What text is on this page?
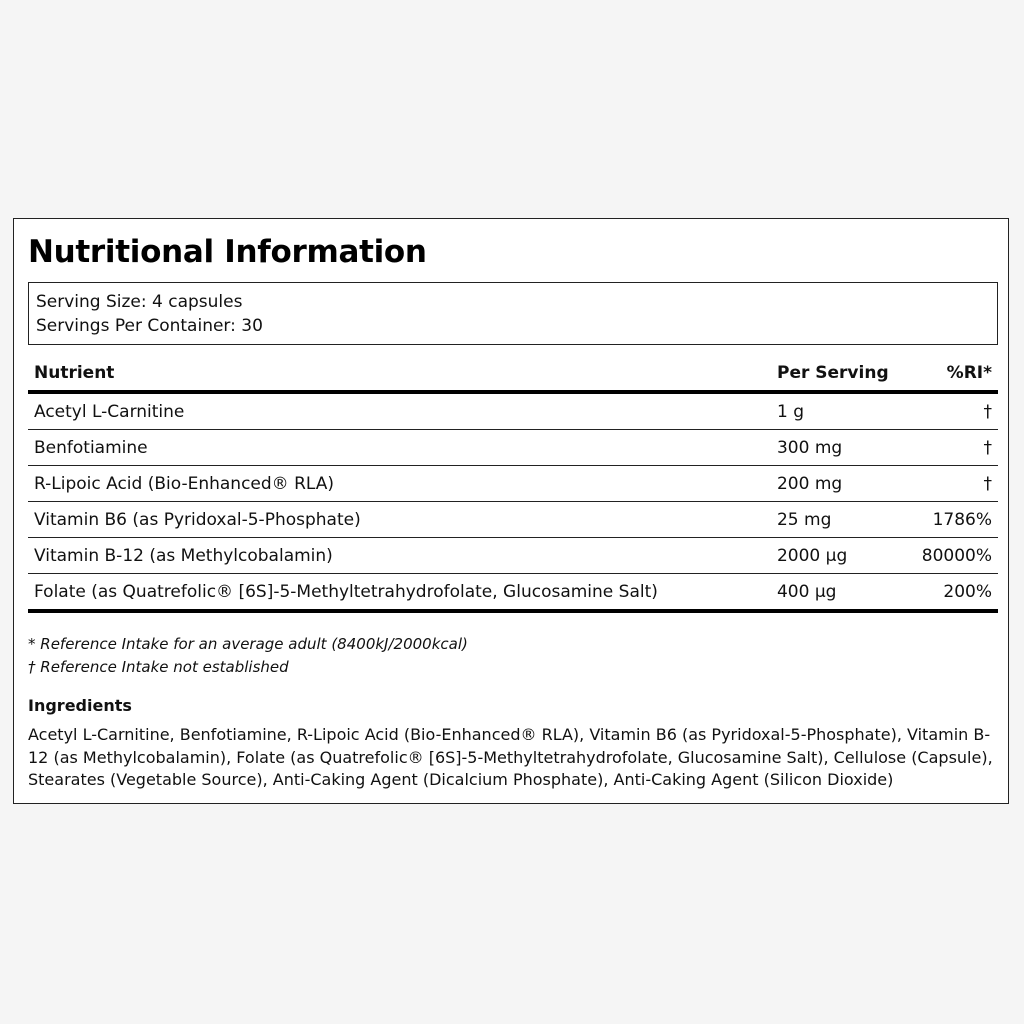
Nutritional Information
Serving Size: 4 capsules
Servings Per Container: 30
Nutrient	Per Serving	%RI*
Acetyl L-Carnitine	1 g	†
Benfotiamine	300 mg	†
R-Lipoic Acid (Bio-Enhanced® RLA)	200 mg	†
Vitamin B6 (as Pyridoxal-5-Phosphate)	25 mg	1786%
Vitamin B-12 (as Methylcobalamin)	2000 µg	80000%
Folate (as Quatrefolic® [6S]-5-Methyltetrahydrofolate, Glucosamine Salt)	400 µg	200%
* Reference Intake for an average adult (8400kJ/2000kcal)
† Reference Intake not established
Ingredients

Acetyl L-Carnitine, Benfotiamine, R-Lipoic Acid (Bio-Enhanced® RLA), Vitamin B6 (as Pyridoxal-5-Phosphate), Vitamin B-12 (as Methylcobalamin), Folate (as Quatrefolic® [6S]-5-Methyltetrahydrofolate, Glucosamine Salt), Cellulose (Capsule), Stearates (Vegetable Source), Anti-Caking Agent (Dicalcium Phosphate), Anti-Caking Agent (Silicon Dioxide)
